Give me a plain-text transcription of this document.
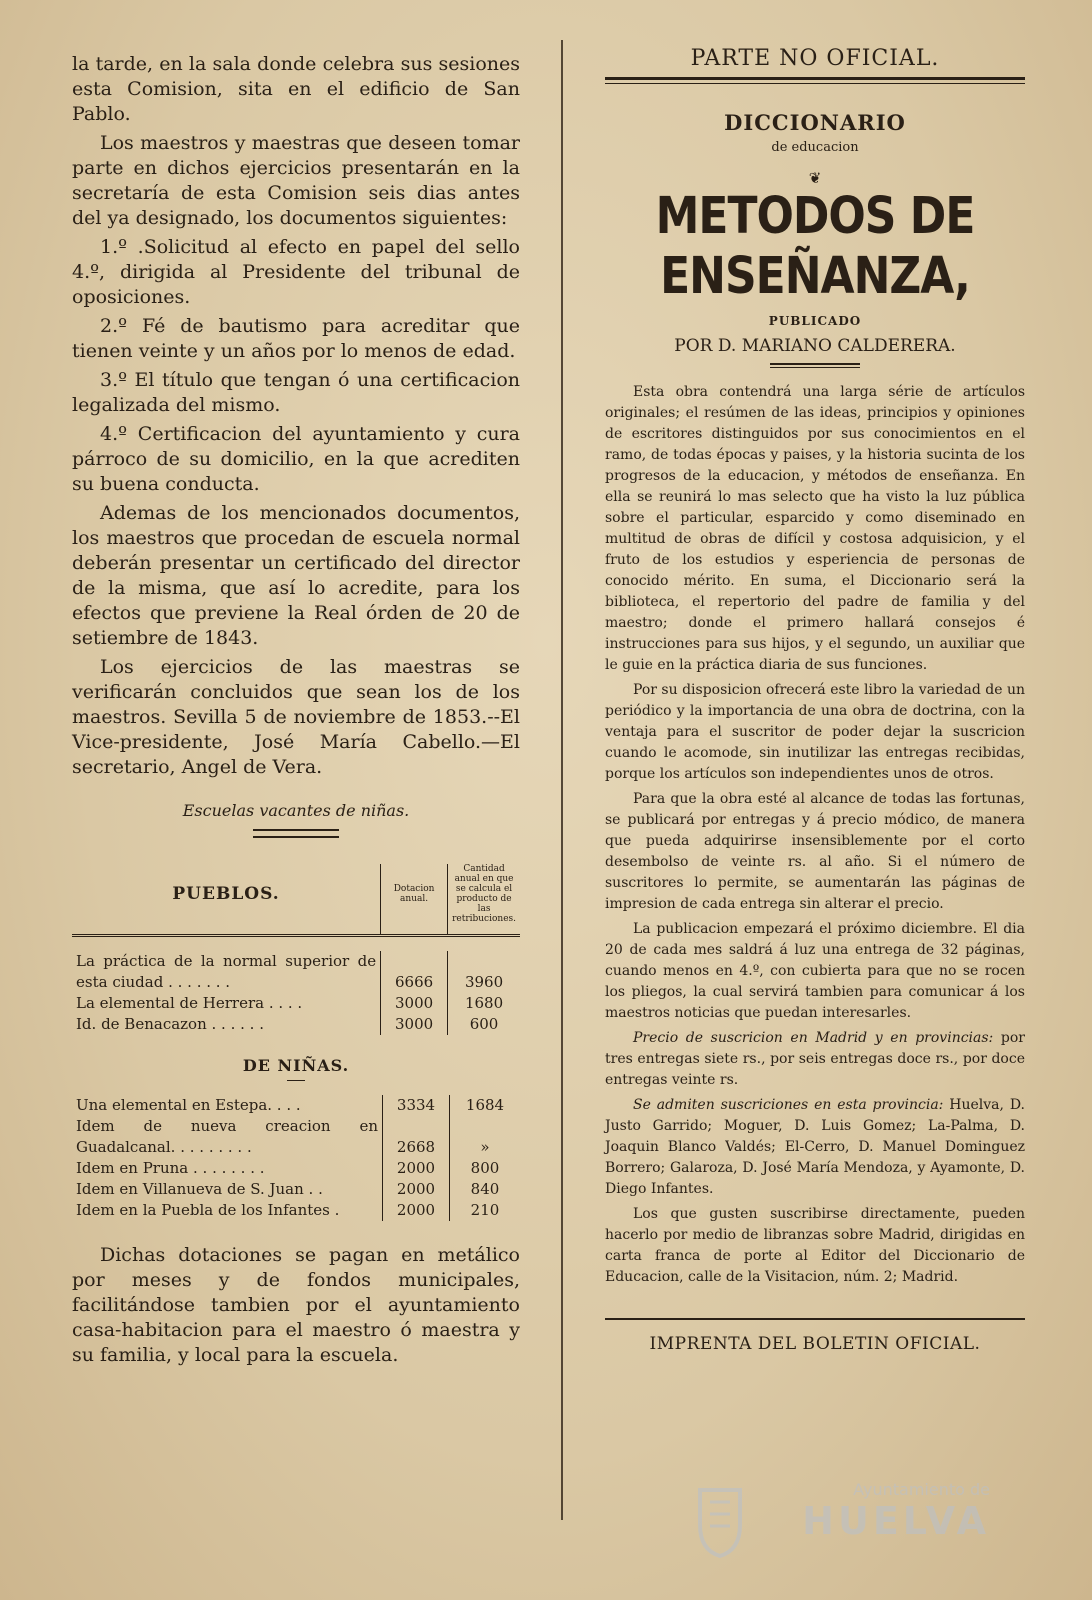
la tarde, en la sala donde celebra sus sesiones esta Comision, sita en el edificio de San Pablo.

Los maestros y maestras que deseen tomar parte en dichos ejercicios presentarán en la secretaría de esta Comision seis dias antes del ya designado, los documentos siguientes:

1.º .Solicitud al efecto en papel del sello 4.º, dirigida al Presidente del tribunal de oposiciones.

2.º Fé de bautismo para acreditar que tienen veinte y un años por lo menos de edad.

3.º El título que tengan ó una certificacion legalizada del mismo.

4.º Certificacion del ayuntamiento y cura párroco de su domicilio, en la que acrediten su buena conducta.

Ademas de los mencionados documentos, los maestros que procedan de escuela normal deberán presentar un certificado del director de la misma, que así lo acredite, para los efectos que previene la Real órden de 20 de setiembre de 1843.

Los ejercicios de las maestras se verificarán concluidos que sean los de los maestros. Sevilla 5 de noviembre de 1853.--El Vice-presidente, José María Cabello.—El secretario, Angel de Vera.

Escuelas vacantes de niñas.
PUEBLOS.	Dotacion anual.	Cantidad anual en que se calcula el producto de las retribuciones.

La práctica de la normal superior de esta ciudad . . . . . . .	6666	3960
La elemental de Herrera . . . .	3000	1680
Id. de Benacazon . . . . . .	3000	600
DE NIÑAS.
Una elemental en Estepa. . . .	3334	1684
Idem de nueva creacion en Guadalcanal. . . . . . . . .	2668	»
Idem en Pruna . . . . . . . .	2000	800
Idem en Villanueva de S. Juan . .	2000	840
Idem en la Puebla de los Infantes .	2000	210

Dichas dotaciones se pagan en metálico por meses y de fondos municipales, facilitándose tambien por el ayuntamiento casa-habitacion para el maestro ó maestra y su familia, y local para la escuela.

PARTE NO OFICIAL.
DICCIONARIO
de educacion
❦
METODOS DE ENSEÑANZA,
PUBLICADO
POR D. MARIANO CALDERERA.

Esta obra contendrá una larga série de artículos originales; el resúmen de las ideas, principios y opiniones de escritores distinguidos por sus conocimientos en el ramo, de todas épocas y paises, y la historia sucinta de los progresos de la educacion, y métodos de enseñanza. En ella se reunirá lo mas selecto que ha visto la luz pública sobre el particular, esparcido y como diseminado en multitud de obras de difícil y costosa adquisicion, y el fruto de los estudios y esperiencia de personas de conocido mérito. En suma, el Diccionario será la biblioteca, el repertorio del padre de familia y del maestro; donde el primero hallará consejos é instrucciones para sus hijos, y el segundo, un auxiliar que le guie en la práctica diaria de sus funciones.

Por su disposicion ofrecerá este libro la variedad de un periódico y la importancia de una obra de doctrina, con la ventaja para el suscritor de poder dejar la suscricion cuando le acomode, sin inutilizar las entregas recibidas, porque los artículos son independientes unos de otros.

Para que la obra esté al alcance de todas las fortunas, se publicará por entregas y á precio módico, de manera que pueda adquirirse insensiblemente por el corto desembolso de veinte rs. al año. Si el número de suscritores lo permite, se aumentarán las páginas de impresion de cada entrega sin alterar el precio.

La publicacion empezará el próximo diciembre. El dia 20 de cada mes saldrá á luz una entrega de 32 páginas, cuando menos en 4.º, con cubierta para que no se rocen los pliegos, la cual servirá tambien para comunicar á los maestros noticias que puedan interesarles.

Precio de suscricion en Madrid y en provincias: por tres entregas siete rs., por seis entregas doce rs., por doce entregas veinte rs.

Se admiten suscriciones en esta provincia: Huelva, D. Justo Garrido; Moguer, D. Luis Gomez; La-Palma, D. Joaquin Blanco Valdés; El-Cerro, D. Manuel Dominguez Borrero; Galaroza, D. José María Mendoza, y Ayamonte, D. Diego Infantes.

Los que gusten suscribirse directamente, pueden hacerlo por medio de libranzas sobre Madrid, dirigidas en carta franca de porte al Editor del Diccionario de Educacion, calle de la Visitacion, núm. 2; Madrid.

IMPRENTA DEL BOLETIN OFICIAL.
Ayuntamiento de
HUELVA
